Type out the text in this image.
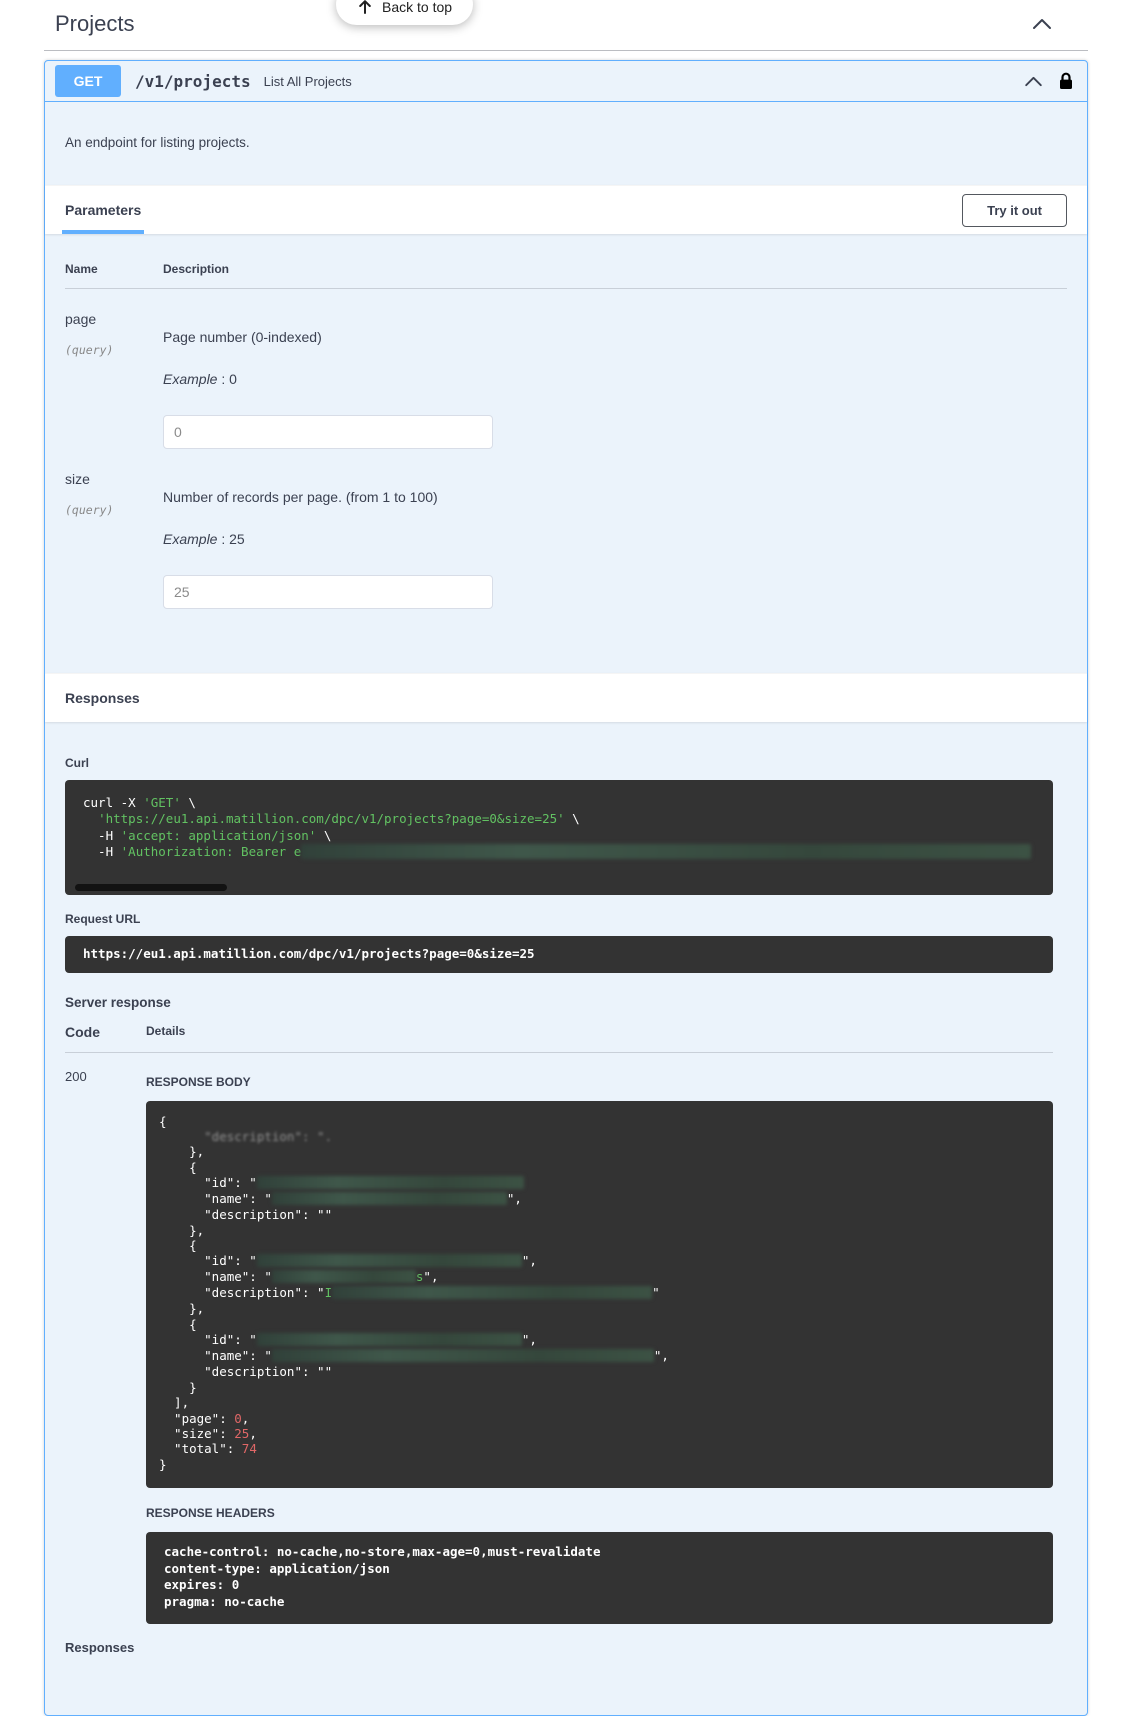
Back to top
Projects
GET	/v1/projects List All Projects
An endpoint for listing projects.
Parameters	Try it out
Name	Description
page
(query)
Page number (0-indexed)
Example : 0
0
size
(query)
Number of records per page. (from 1 to 100)
Example : 25
25
Responses
Curl
curl -X 'GET' \
'https://eu1.api.matillion.com/dpc/v1/projects?page=0&size=25' \
-H 'accept: application/json' \
-H 'Authorization: Bearer e
Request URL
https://eu1.api.matillion.com/dpc/v1/projects?page=0&size=25
Server response
Code	Details
200	RESPONSE BODY
{
"description": ".
},
{
"id": "
"name": "	",
"description": ""
},
{
"id": "	",
"name": "	s",
"description": "I	"
},
{
"id": "	",
"name": "	",
"description": ""
}
],
"page": 0,
"size": 25,
"total": 74
}
RESPONSE HEADERS
cache-control: no-cache,no-store,max-age=0,must-revalidate
content-type: application/json
expires: 0
pragma: no-cache
Responses
